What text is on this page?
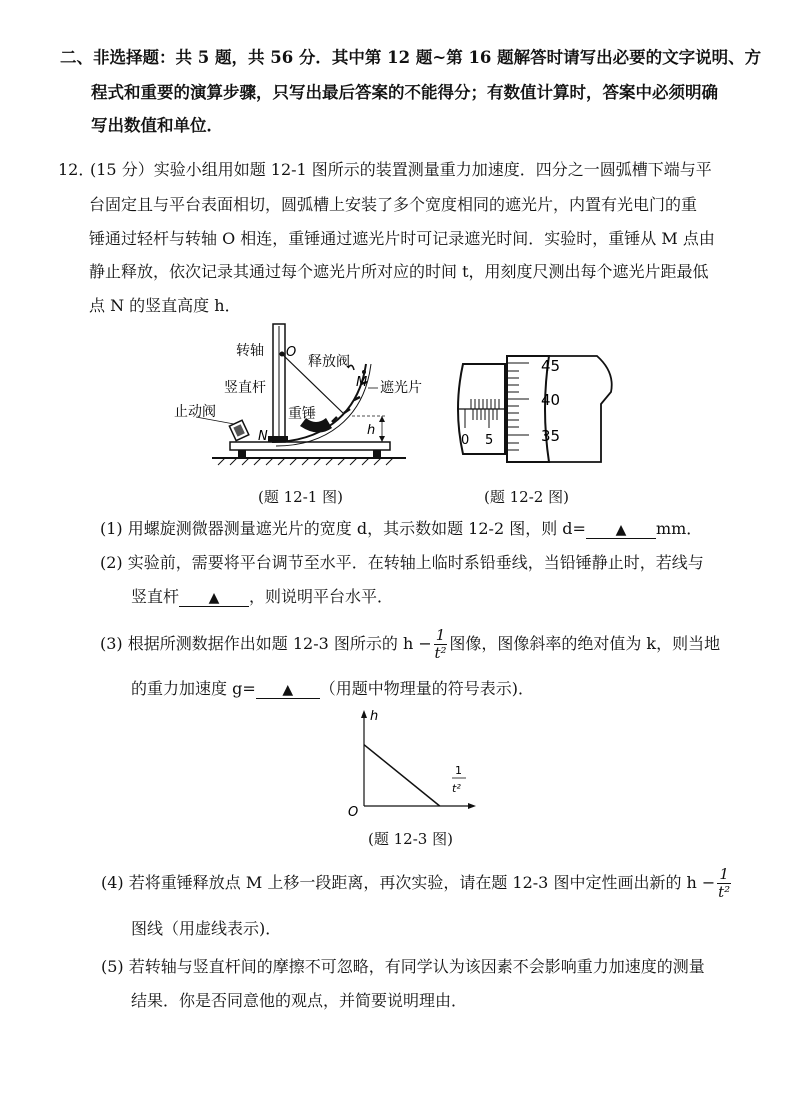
二、非选择题：共 5 题，共 56 分．其中第 12 题~第 16 题解答时请写出必要的文字说明、方
程式和重要的演算步骤，只写出最后答案的不能得分；有数值计算时，答案中必须明确
写出数值和单位．
12．
(15 分）实验小组用如题 12-1 图所示的装置测量重力加速度．四分之一圆弧槽下端与平
台固定且与平台表面相切，圆弧槽上安装了多个宽度相同的遮光片，内置有光电门的重
锤通过轻杆与转轴 O 相连，重锤通过遮光片时可记录遮光时间．实验时，重锤从 M 点由
静止释放，依次记录其通过每个遮光片所对应的时间 t，用刻度尺测出每个遮光片距最低
点 N 的竖直高度 h．
转轴 O
释放阀
M
竖直杆	遮光片
重锤
止动阀
N	h
(题 12-1 图)
0 5
45
40
35
(题 12-2 图)
(1) 用螺旋测微器测量遮光片的宽度 d，其示数如题 12-2 图，则 d= ▲ mm．
(2) 实验前，需要将平台调节至水平．在转轴上临时系铅垂线，当铅锤静止时，若线与
竖直杆 ▲ ，则说明平台水平．
(3) 根据所测数据作出如题 12-3 图所示的 $h - \frac{1}{\text{t²}}$ 图像，图像斜率的绝对值为 k，则当地
的重力加速度 g= ▲ （用题中物理量的符号表示)．
h
O
1
t²
(题 12-3 图)
(4) 若将重锤释放点 M 上移一段距离，再次实验，请在题 12-3 图中定性画出新的 $h - \frac{1}{\text{t²}}$
图线（用虚线表示)．
(5) 若转轴与竖直杆间的摩擦不可忽略，有同学认为该因素不会影响重力加速度的测量
结果．你是否同意他的观点，并简要说明理由．
